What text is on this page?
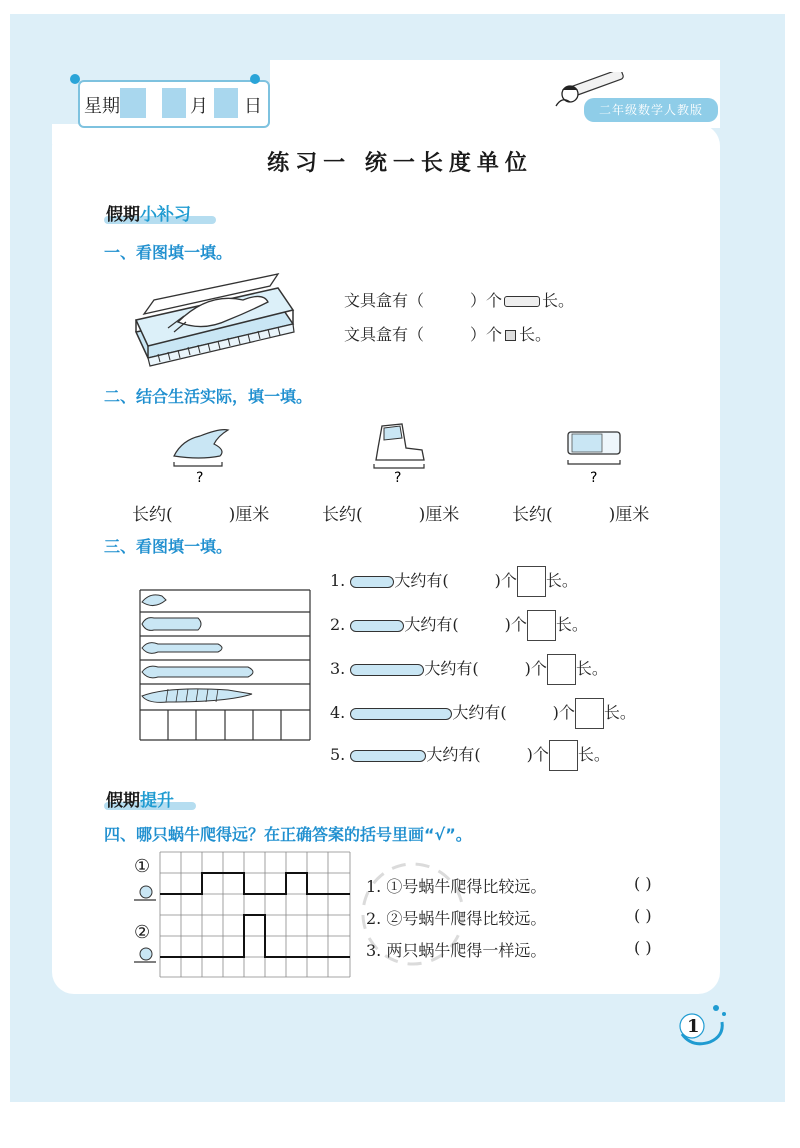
星期	月 日	二年级数学人教版
练习一 统一长度单位
假期小补习
一、看图填一填。
文具盒有（	）个	长。
文具盒有（	）个 长。
二、结合生活实际，填一填。
?	?	?
长约(	)厘米	长约(	)厘米	长约(	)厘米
三、看图填一填。
1.	大约有(	)个 长。
2.	大约有(	)个 长。
3.	大约有(	)个 长。
4.	大约有(	)个 长。
5.	大约有(	)个 长。
假期提升
四、哪只蜗牛爬得远？在正确答案的括号里画“√”。
①
②
1. ①号蜗牛爬得比较远。	( )
2. ②号蜗牛爬得比较远。	( )
3. 两只蜗牛爬得一样远。	( )
1
